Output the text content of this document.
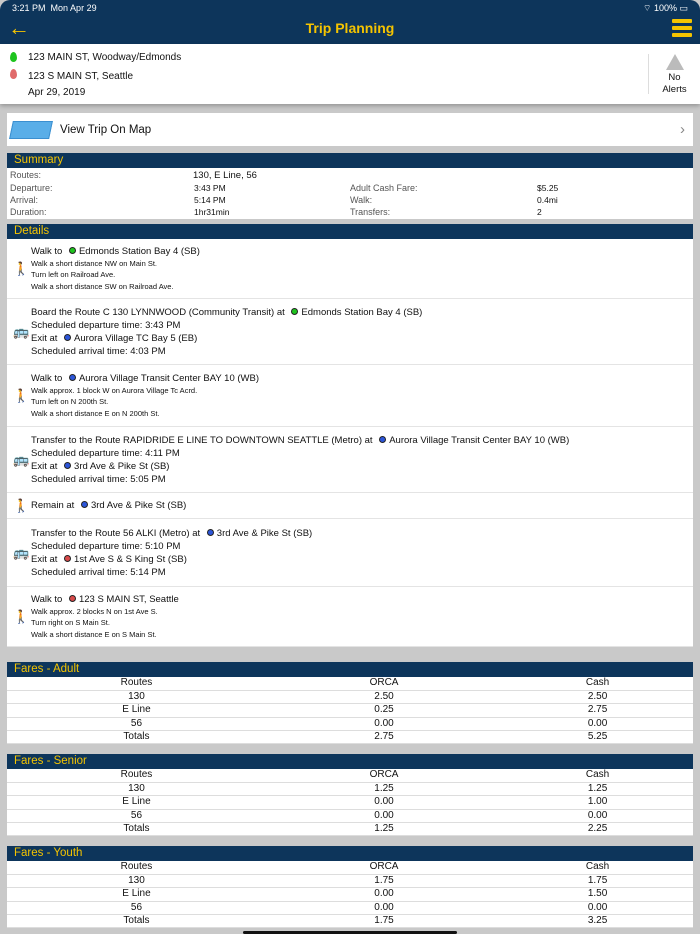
3:21 PM Mon Apr 29	⌔ 100% ▭
←	Trip Planning
123 MAIN ST, Woodway/Edmonds
123 S MAIN ST, Seattle
Apr 29, 2019
No Alerts
View Trip On Map	›
Summary
Routes:	130, E Line, 56
Departure:	3:43 PM
Arrival:	5:14 PM
Duration:	1hr31min
Adult Cash Fare:	$5.25
Walk:	0.4mi
Transfers:	2
Details
🚶
Walk to Edmonds Station Bay 4 (SB)
Walk a short distance NW on Main St.
Turn left on Railroad Ave.
Walk a short distance SW on Railroad Ave.
🚌
Board the Route C 130 LYNNWOOD (Community Transit) at Edmonds Station Bay 4 (SB)
Scheduled departure time: 3:43 PM
Exit at Aurora Village TC Bay 5 (EB)
Scheduled arrival time: 4:03 PM
🚶
Walk to Aurora Village Transit Center BAY 10 (WB)
Walk approx. 1 block W on Aurora Village Tc Acrd.
Turn left on N 200th St.
Walk a short distance E on N 200th St.
🚌
Transfer to the Route RAPIDRIDE E LINE TO DOWNTOWN SEATTLE (Metro) at Aurora Village Transit Center BAY 10 (WB)
Scheduled departure time: 4:11 PM
Exit at 3rd Ave & Pike St (SB)
Scheduled arrival time: 5:05 PM
🚶 Remain at 3rd Ave & Pike St (SB)
🚌
Transfer to the Route 56 ALKI (Metro) at 3rd Ave & Pike St (SB)
Scheduled departure time: 5:10 PM
Exit at 1st Ave S & S King St (SB)
Scheduled arrival time: 5:14 PM
🚶
Walk to 123 S MAIN ST, Seattle
Walk approx. 2 blocks N on 1st Ave S.
Turn right on S Main St.
Walk a short distance E on S Main St.
Fares - Adult
Routes	ORCA	Cash
130	2.50	2.50
E Line	0.25	2.75
56	0.00	0.00
Totals	2.75	5.25
Fares - Senior
Routes	ORCA	Cash
130	1.25	1.25
E Line	0.00	1.00
56	0.00	0.00
Totals	1.25	2.25
Fares - Youth
Routes	ORCA	Cash
130	1.75	1.75
E Line	0.00	1.50
56	0.00	0.00
Totals	1.75	3.25
